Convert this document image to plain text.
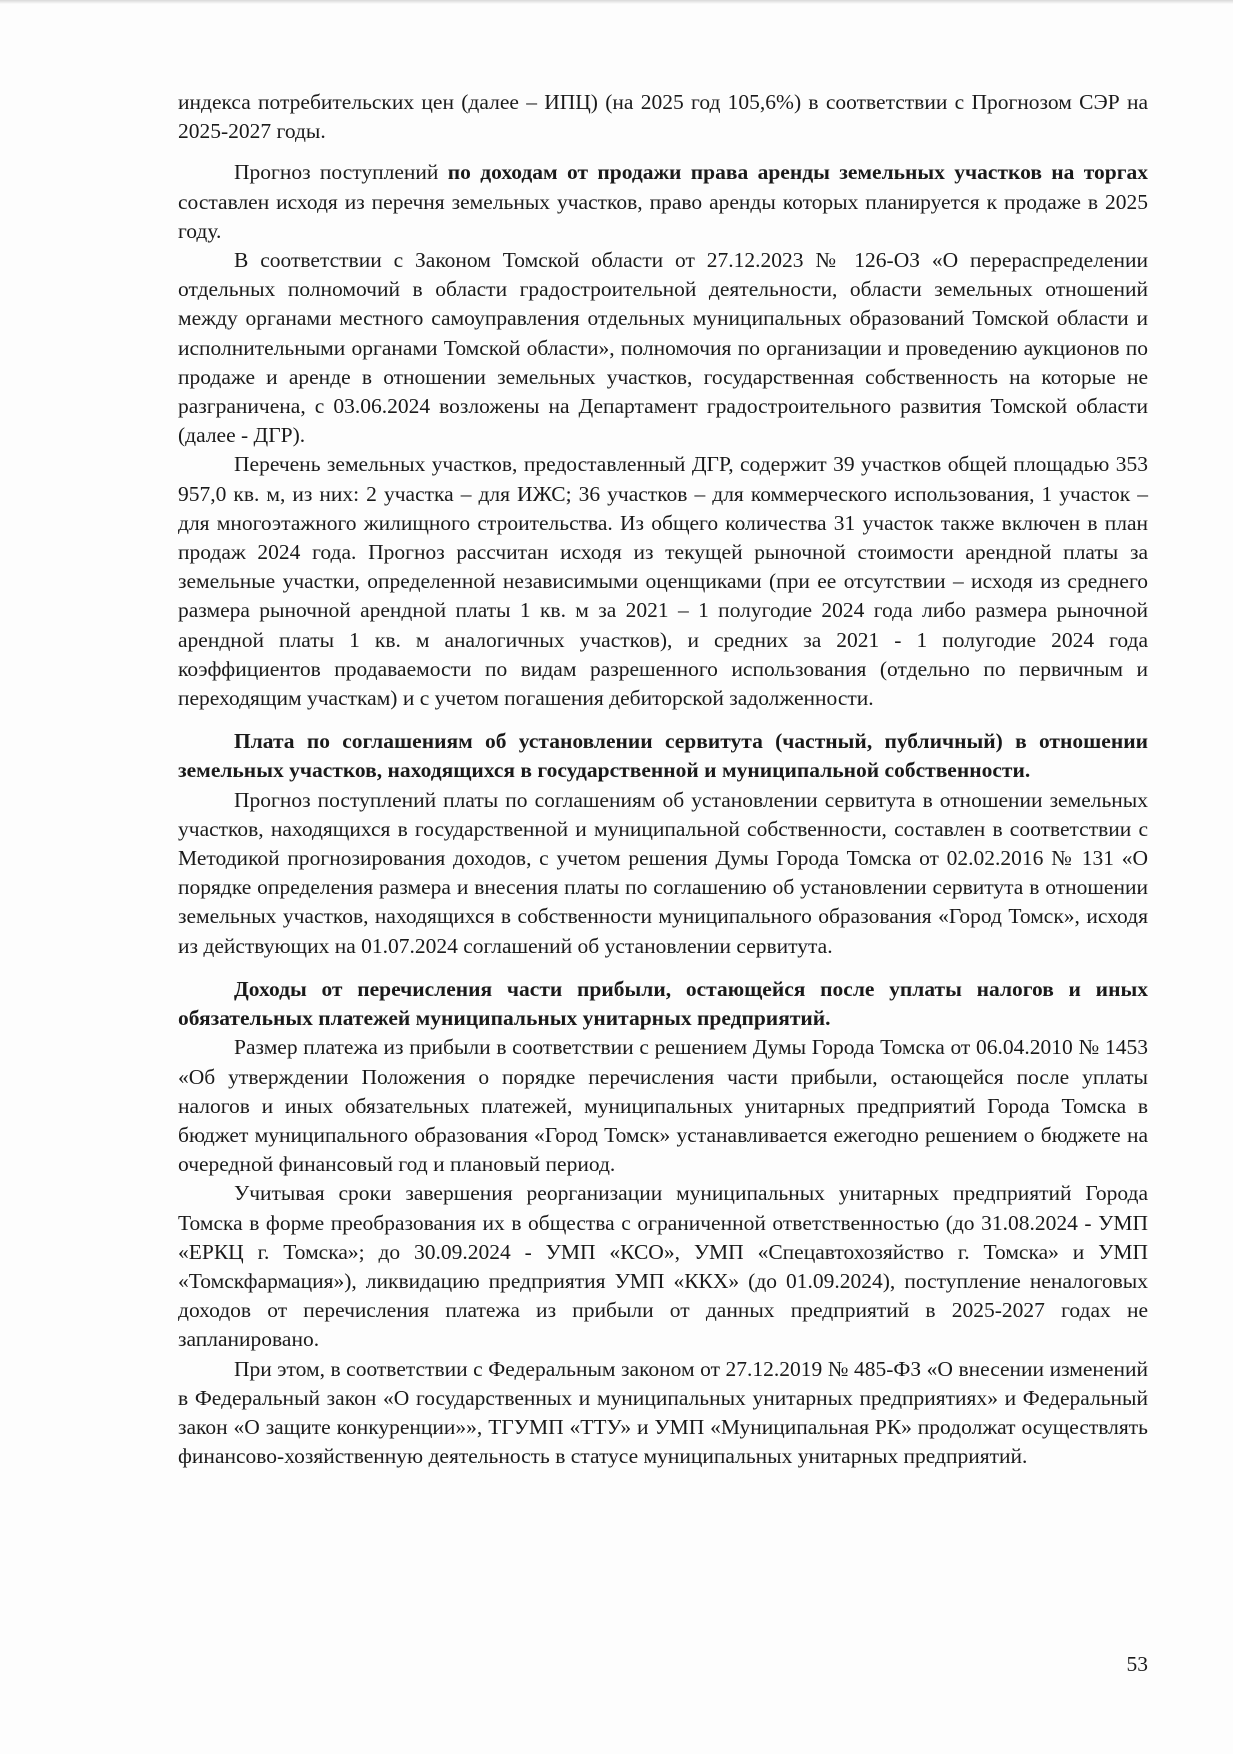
индекса потребительских цен (далее – ИПЦ) (на 2025 год 105,6%) в соответствии с Прогнозом СЭР на 2025-2027 годы.

Прогноз поступлений по доходам от продажи права аренды земельных участков на торгах составлен исходя из перечня земельных участков, право аренды которых планируется к продаже в 2025 году.

В соответствии с Законом Томской области от 27.12.2023 № 126-ОЗ «О перераспределении отдельных полномочий в области градостроительной деятельности, области земельных отношений между органами местного самоуправления отдельных муниципальных образований Томской области и исполнительными органами Томской области», полномочия по организации и проведению аукционов по продаже и аренде в отношении земельных участков, государственная собственность на которые не разграничена, с 03.06.2024 возложены на Департамент градостроительного развития Томской области (далее - ДГР).

Перечень земельных участков, предоставленный ДГР, содержит 39 участков общей площадью 353 957,0 кв. м, из них: 2 участка – для ИЖС; 36 участков – для коммерческого использования, 1 участок – для многоэтажного жилищного строительства. Из общего количества 31 участок также включен в план продаж 2024 года. Прогноз рассчитан исходя из текущей рыночной стоимости арендной платы за земельные участки, определенной независимыми оценщиками (при ее отсутствии – исходя из среднего размера рыночной арендной платы 1 кв. м за 2021 – 1 полугодие 2024 года либо размера рыночной арендной платы 1 кв. м аналогичных участков), и средних за 2021 - 1 полугодие 2024 года коэффициентов продаваемости по видам разрешенного использования (отдельно по первичным и переходящим участкам) и с учетом погашения дебиторской задолженности.

Плата по соглашениям об установлении сервитута (частный, публичный) в отношении земельных участков, находящихся в государственной и муниципальной собственности.

Прогноз поступлений платы по соглашениям об установлении сервитута в отношении земельных участков, находящихся в государственной и муниципальной собственности, составлен в соответствии с Методикой прогнозирования доходов, с учетом решения Думы Города Томска от 02.02.2016 № 131 «О порядке определения размера и внесения платы по соглашению об установлении сервитута в отношении земельных участков, находящихся в собственности муниципального образования «Город Томск», исходя из действующих на 01.07.2024 соглашений об установлении сервитута.

Доходы от перечисления части прибыли, остающейся после уплаты налогов и иных обязательных платежей муниципальных унитарных предприятий.

Размер платежа из прибыли в соответствии с решением Думы Города Томска от 06.04.2010 № 1453 «Об утверждении Положения о порядке перечисления части прибыли, остающейся после уплаты налогов и иных обязательных платежей, муниципальных унитарных предприятий Города Томска в бюджет муниципального образования «Город Томск» устанавливается ежегодно решением о бюджете на очередной финансовый год и плановый период.

Учитывая сроки завершения реорганизации муниципальных унитарных предприятий Города Томска в форме преобразования их в общества с ограниченной ответственностью (до 31.08.2024 - УМП «ЕРКЦ г. Томска»; до 30.09.2024 - УМП «КСО», УМП «Спецавтохозяйство г. Томска» и УМП «Томскфармация»), ликвидацию предприятия УМП «ККХ» (до 01.09.2024), поступление неналоговых доходов от перечисления платежа из прибыли от данных предприятий в 2025-2027 годах не запланировано.

При этом, в соответствии с Федеральным законом от 27.12.2019 № 485-ФЗ «О внесении изменений в Федеральный закон «О государственных и муниципальных унитарных предприятиях» и Федеральный закон «О защите конкуренции»», ТГУМП «ТТУ» и УМП «Муниципальная РК» продолжат осуществлять финансово-хозяйственную деятельность в статусе муниципальных унитарных предприятий.

53
